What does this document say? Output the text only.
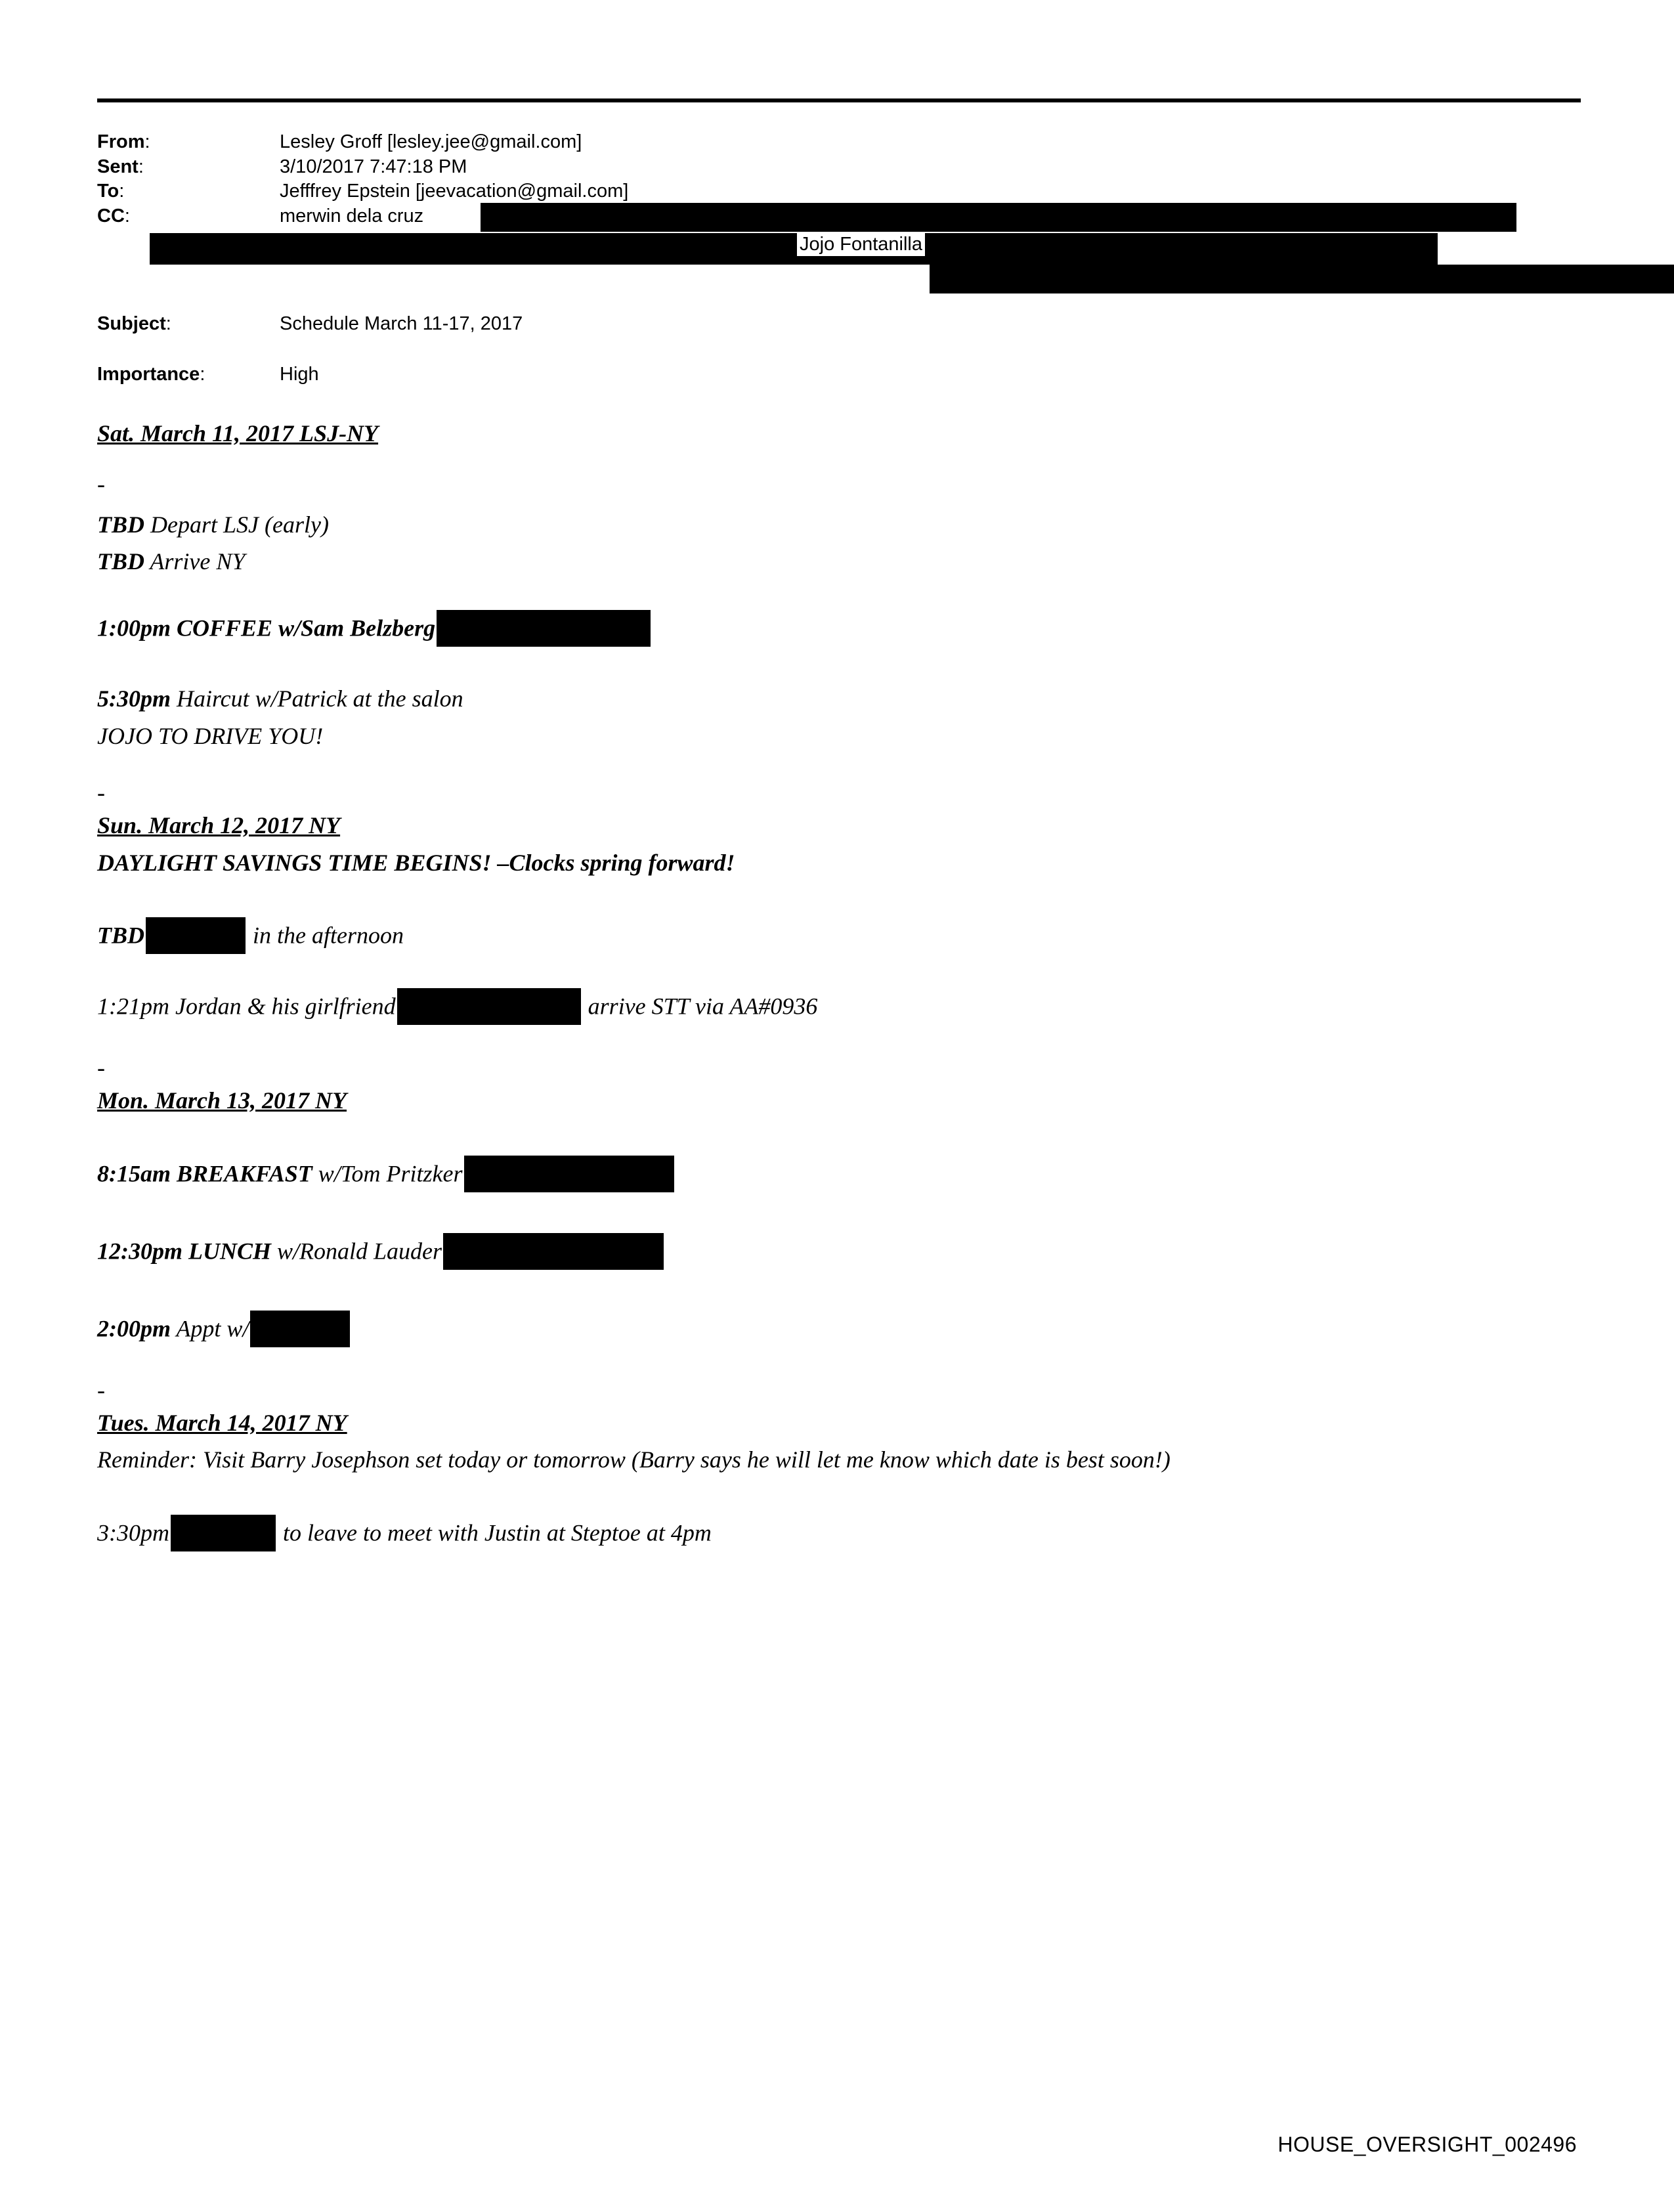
From:	Lesley Groff [lesley.jee@gmail.com]
Sent:	3/10/2017 7:47:18 PM
To:	Jefffrey Epstein [jeevacation@gmail.com]
CC:	merwin dela cruz
Jojo Fontanilla
Subject:	Schedule March 11-17, 2017
Importance:	High
Sat. March 11, 2017 LSJ-NY
-
TBD Depart LSJ (early)
TBD Arrive NY
1:00pm COFFEE w/Sam Belzberg
5:30pm Haircut w/Patrick at the salon
JOJO TO DRIVE YOU!
-
Sun. March 12, 2017 NY
DAYLIGHT SAVINGS TIME BEGINS! –Clocks spring forward!
TBD	in the afternoon
1:21pm Jordan & his girlfriend	arrive STT via AA#0936
-
Mon. March 13, 2017 NY
8:15am BREAKFAST w/Tom Pritzker
12:30pm LUNCH w/Ronald Lauder
2:00pm Appt w/
-
Tues. March 14, 2017 NY
Reminder: Visit Barry Josephson set today or tomorrow (Barry says he will let me know which date is best soon!)
3:30pm	to leave to meet with Justin at Steptoe at 4pm
HOUSE_OVERSIGHT_002496
